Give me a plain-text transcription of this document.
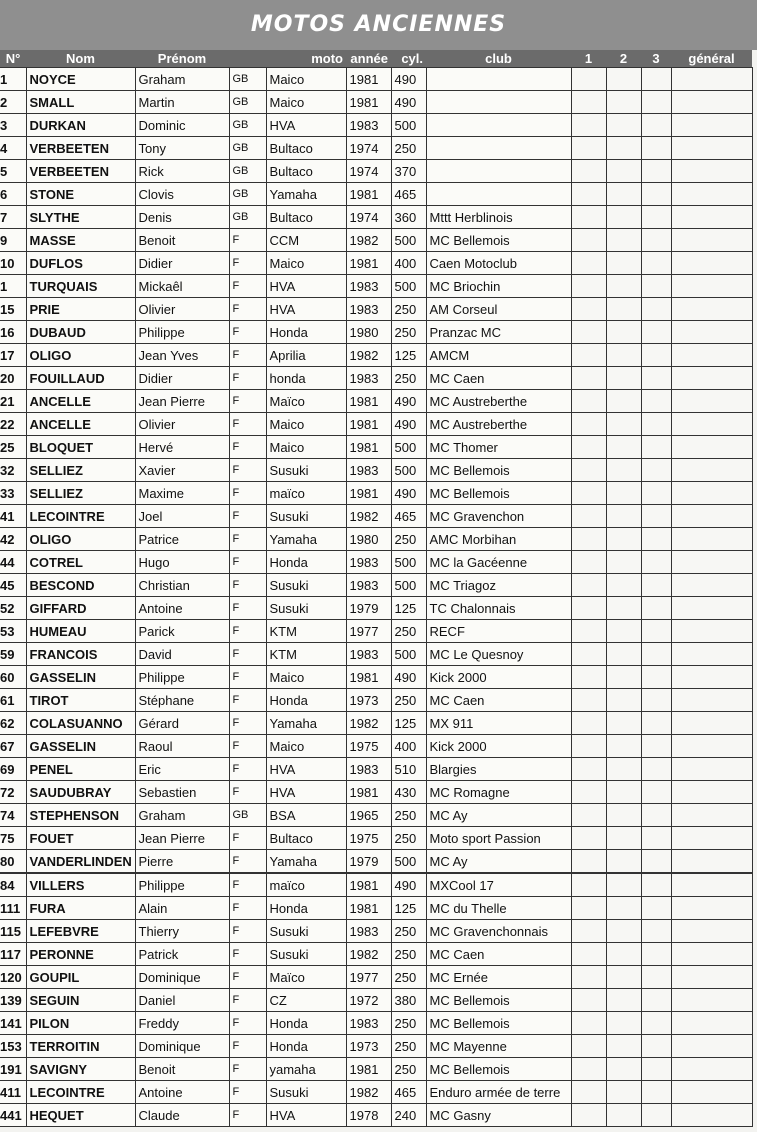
MOTOS ANCIENNES
N°	Nom	Prénom		moto	année	cyl.	club	1	2	3	général
1	NOYCE	Graham	GB	Maico	1981	490					
2	SMALL	Martin	GB	Maico	1981	490					
3	DURKAN	Dominic	GB	HVA	1983	500					
4	VERBEETEN	Tony	GB	Bultaco	1974	250					
5	VERBEETEN	Rick	GB	Bultaco	1974	370					
6	STONE	Clovis	GB	Yamaha	1981	465					
7	SLYTHE	Denis	GB	Bultaco	1974	360	Mttt Herblinois				
9	MASSE	Benoit	F	CCM	1982	500	MC Bellemois				
10	DUFLOS	Didier	F	Maico	1981	400	Caen Motoclub				
1	TURQUAIS	Mickaêl	F	HVA	1983	500	MC Briochin				
15	PRIE	Olivier	F	HVA	1983	250	AM Corseul				
16	DUBAUD	Philippe	F	Honda	1980	250	Pranzac MC				
17	OLIGO	Jean Yves	F	Aprilia	1982	125	AMCM				
20	FOUILLAUD	Didier	F	honda	1983	250	MC Caen				
21	ANCELLE	Jean Pierre	F	Maïco	1981	490	MC Austreberthe				
22	ANCELLE	Olivier	F	Maico	1981	490	MC Austreberthe				
25	BLOQUET	Hervé	F	Maico	1981	500	MC Thomer				
32	SELLIEZ	Xavier	F	Susuki	1983	500	MC Bellemois				
33	SELLIEZ	Maxime	F	maïco	1981	490	MC Bellemois				
41	LECOINTRE	Joel	F	Susuki	1982	465	MC Gravenchon				
42	OLIGO	Patrice	F	Yamaha	1980	250	AMC Morbihan				
44	COTREL	Hugo	F	Honda	1983	500	MC la Gacéenne				
45	BESCOND	Christian	F	Susuki	1983	500	MC Triagoz				
52	GIFFARD	Antoine	F	Susuki	1979	125	TC Chalonnais				
53	HUMEAU	Parick	F	KTM	1977	250	RECF				
59	FRANCOIS	David	F	KTM	1983	500	MC Le Quesnoy				
60	GASSELIN	Philippe	F	Maico	1981	490	Kick 2000				
61	TIROT	Stéphane	F	Honda	1973	250	MC Caen				
62	COLASUANNO	Gérard	F	Yamaha	1982	125	MX 911				
67	GASSELIN	Raoul	F	Maico	1975	400	Kick 2000				
69	PENEL	Eric	F	HVA	1983	510	Blargies				
72	SAUDUBRAY	Sebastien	F	HVA	1981	430	MC Romagne				
74	STEPHENSON	Graham	GB	BSA	1965	250	MC Ay				
75	FOUET	Jean Pierre	F	Bultaco	1975	250	Moto sport Passion				
80	VANDERLINDEN	Pierre	F	Yamaha	1979	500	MC Ay				
84	VILLERS	Philippe	F	maïco	1981	490	MXCool 17				
111	FURA	Alain	F	Honda	1981	125	MC du Thelle				
115	LEFEBVRE	Thierry	F	Susuki	1983	250	MC Gravenchonnais				
117	PERONNE	Patrick	F	Susuki	1982	250	MC Caen				
120	GOUPIL	Dominique	F	Maïco	1977	250	MC Ernée				
139	SEGUIN	Daniel	F	CZ	1972	380	MC Bellemois				
141	PILON	Freddy	F	Honda	1983	250	MC Bellemois				
153	TERROITIN	Dominique	F	Honda	1973	250	MC Mayenne				
191	SAVIGNY	Benoit	F	yamaha	1981	250	MC Bellemois				
411	LECOINTRE	Antoine	F	Susuki	1982	465	Enduro armée de terre				
441	HEQUET	Claude	F	HVA	1978	240	MC Gasny				
